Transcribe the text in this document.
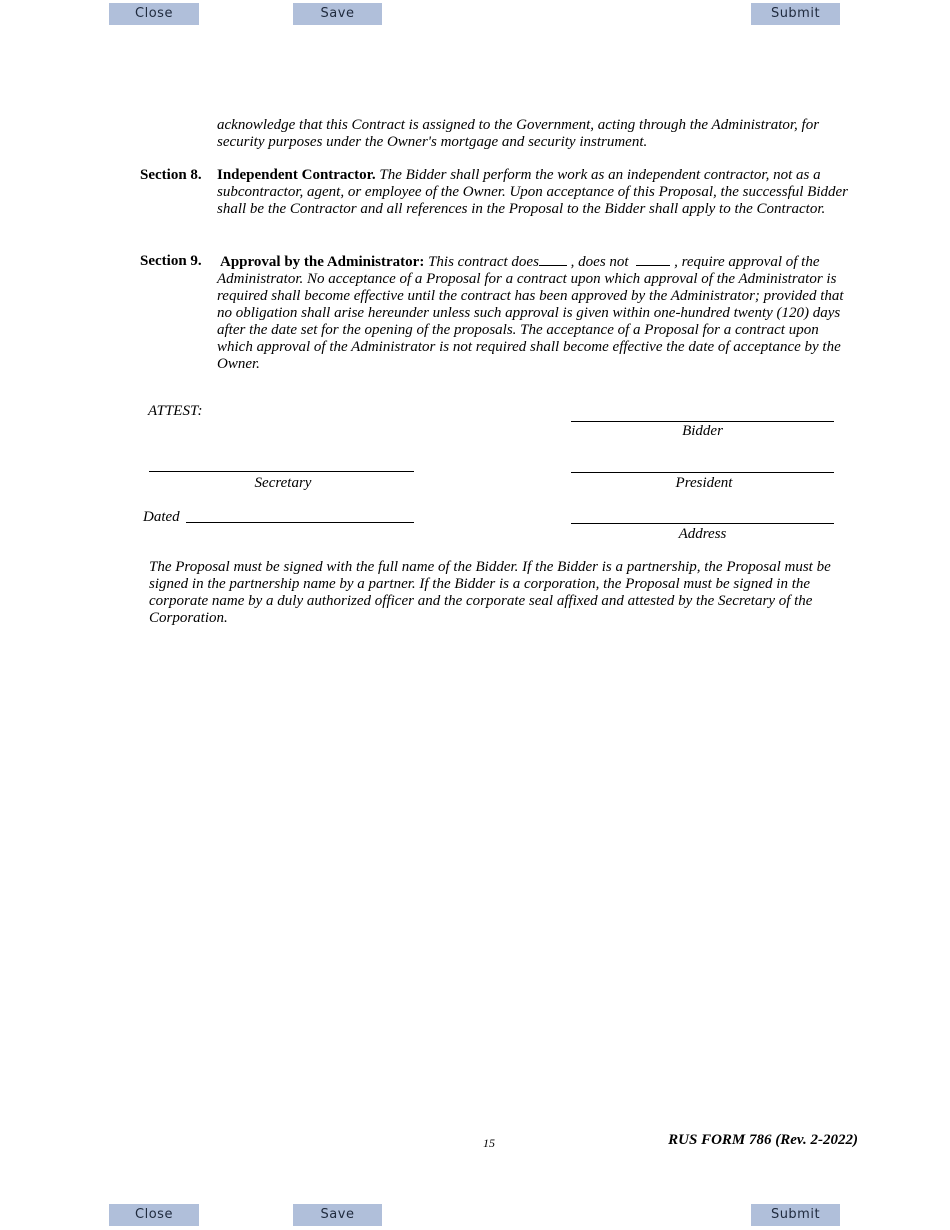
Close	Save	Submit
acknowledge that this Contract is assigned to the Government, acting through the Administrator, for security purposes under the Owner's mortgage and security instrument.
Section 8.	Independent Contractor. The Bidder shall perform the work as an independent contractor, not as a subcontractor, agent, or employee of the Owner. Upon acceptance of this Proposal, the successful Bidder shall be the Contractor and all references in the Proposal to the Bidder shall apply to the Contractor.
Section 9.	Approval by the Administrator: This contract does , does not	, require approval of the Administrator. No acceptance of a Proposal for a contract upon which approval of the Administrator is required shall become effective until the contract has been approved by the Administrator; provided that no obligation shall arise hereunder unless such approval is given within one-hundred twenty (120) days after the date set for the opening of the proposals. The acceptance of a Proposal for a contract upon which approval of the Administrator is not required shall become effective the date of acceptance by the Owner.
ATTEST:
Bidder
Secretary	President
Dated
Address
The Proposal must be signed with the full name of the Bidder. If the Bidder is a partnership, the Proposal must be signed in the partnership name by a partner. If the Bidder is a corporation, the Proposal must be signed in the corporate name by a duly authorized officer and the corporate seal affixed and attested by the Secretary of the Corporation.
15	RUS FORM 786 (Rev. 2-2022)
Close	Save	Submit
